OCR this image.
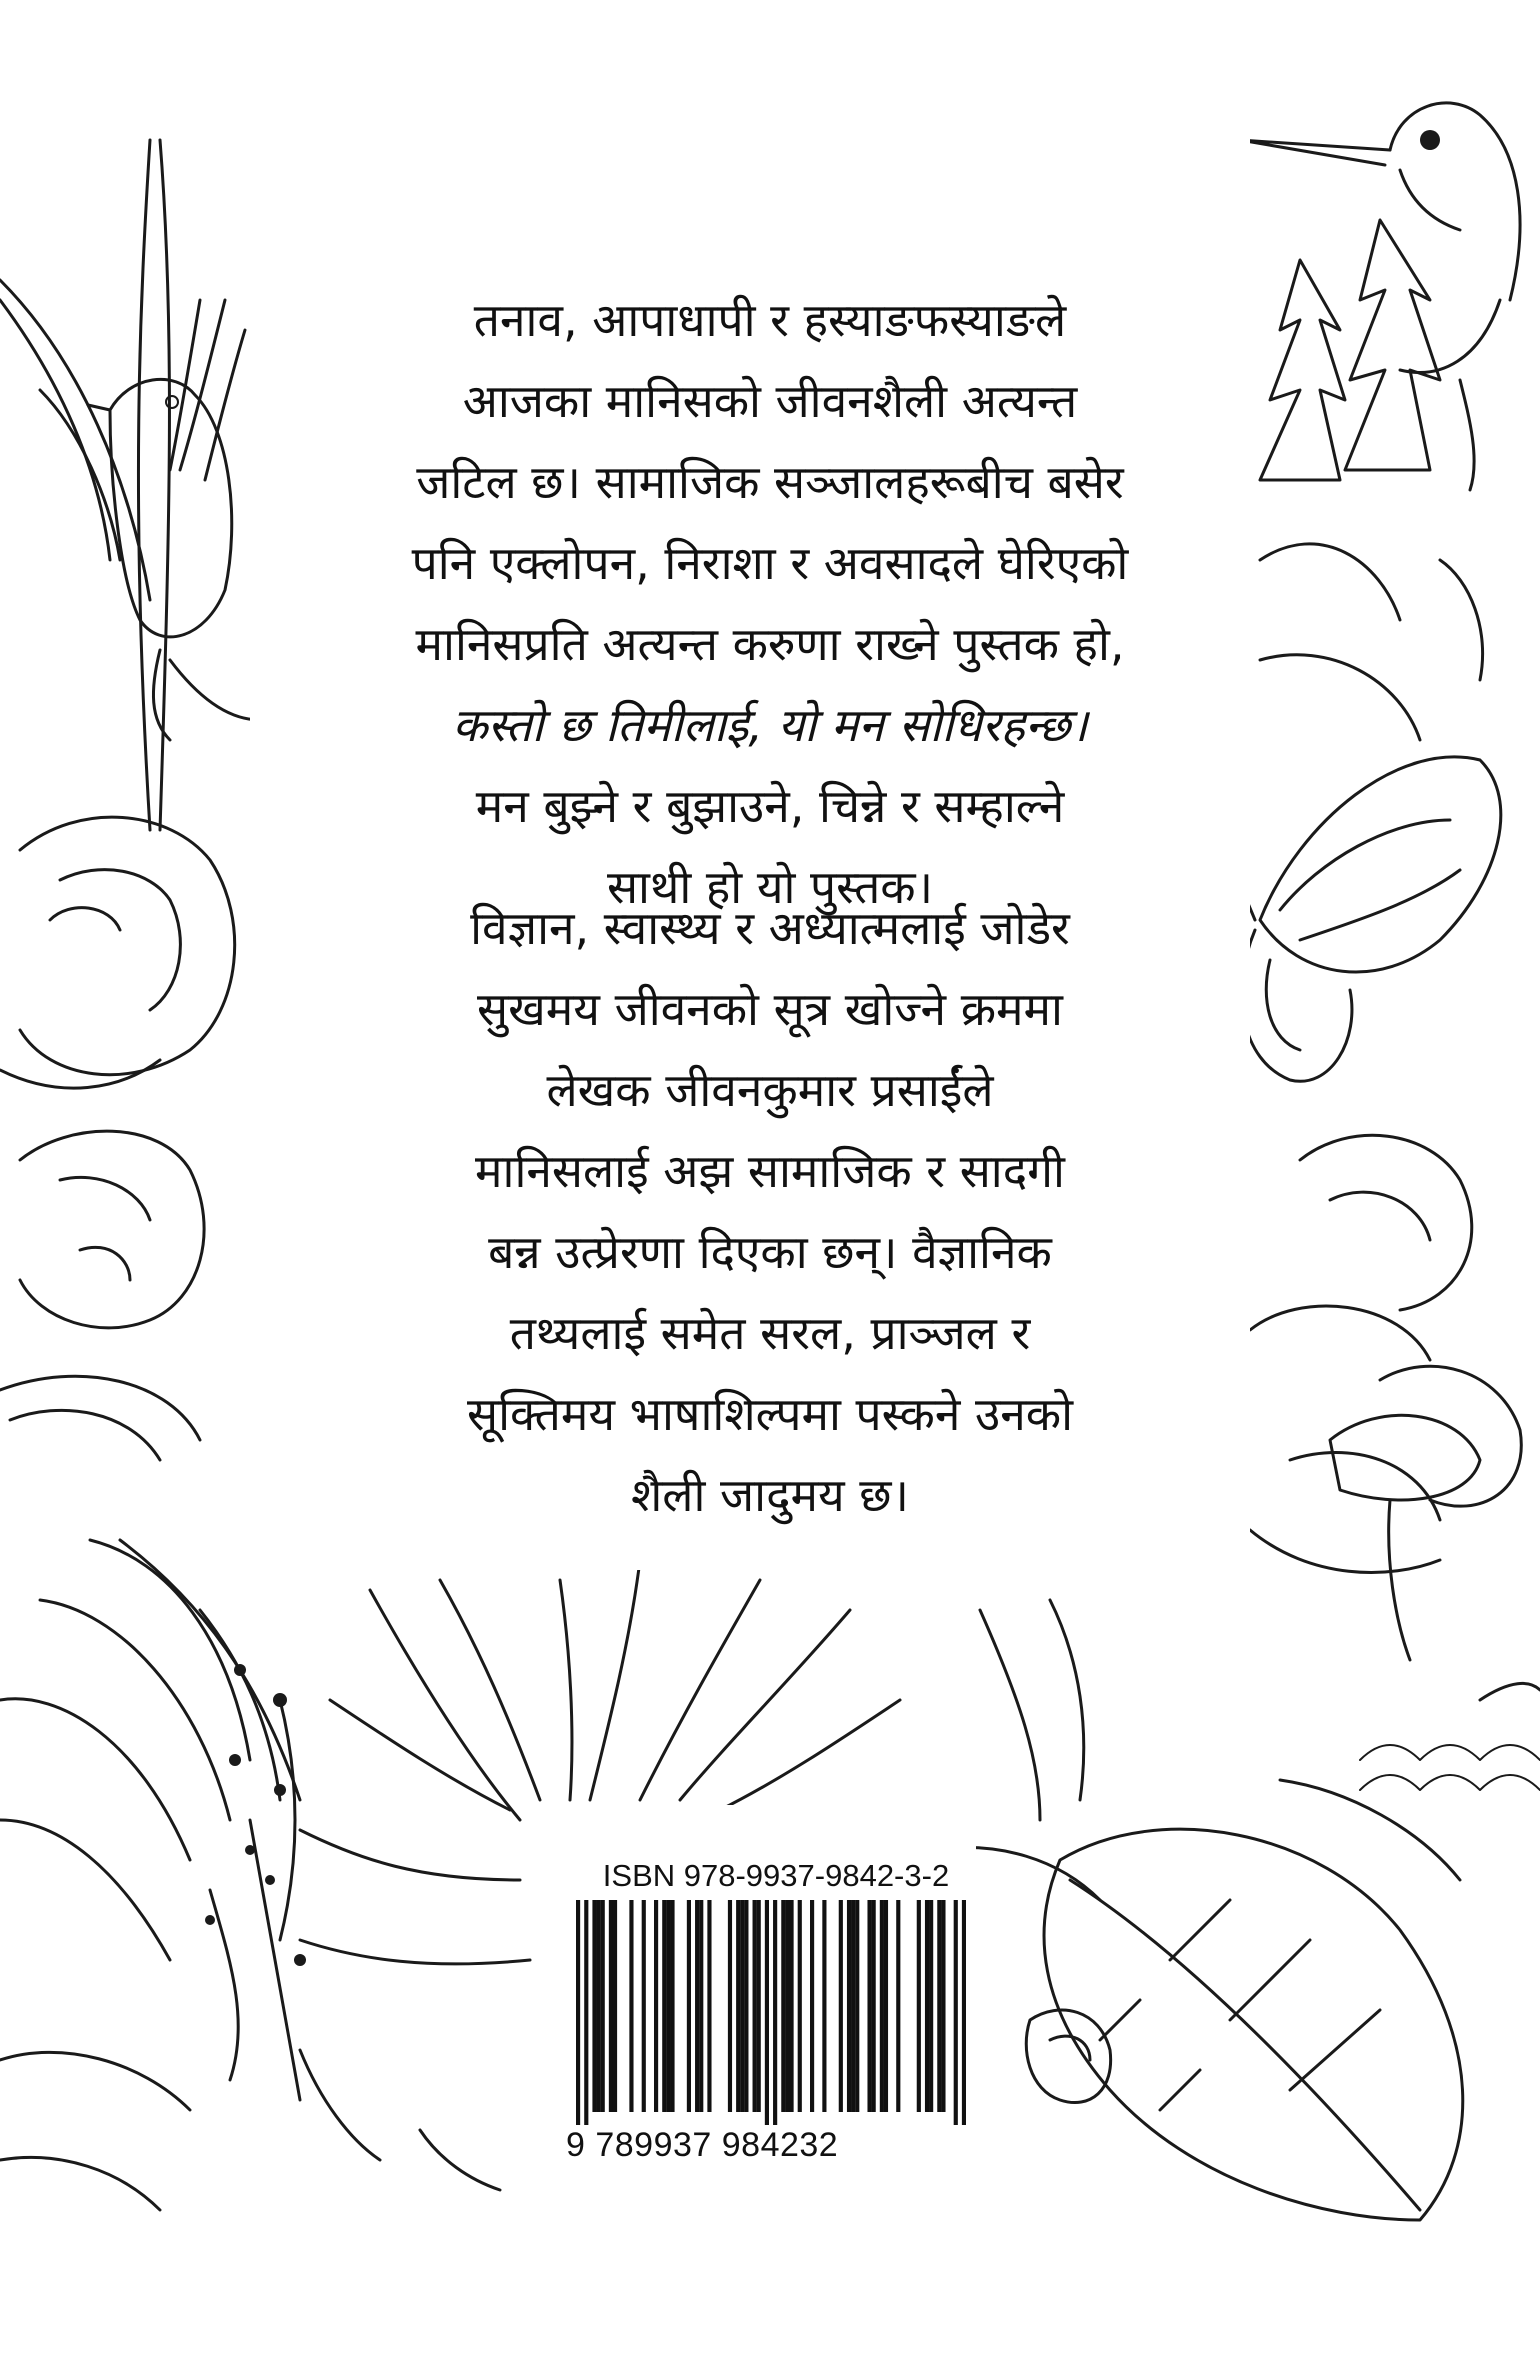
तनाव, आपाधापी र हस्याङफस्याङले
आजका मानिसको जीवनशैली अत्यन्त
जटिल छ। सामाजिक सञ्जालहरूबीच बसेर
पनि एक्लोपन, निराशा र अवसादले घेरिएको
मानिसप्रति अत्यन्त करुणा राख्ने पुस्तक हो,
कस्तो छ तिमीलाई, यो मन सोधिरहन्छ।
मन बुझ्ने र बुझाउने, चिन्ने र सम्हाल्ने
साथी हो यो पुस्तक।
विज्ञान, स्वास्थ्य र अध्यात्मलाई जोडेर
सुखमय जीवनको सूत्र खोज्ने क्रममा
लेखक जीवनकुमार प्रसाईंले
मानिसलाई अझ सामाजिक र सादगी
बन्न उत्प्रेरणा दिएका छन्। वैज्ञानिक
तथ्यलाई समेत सरल, प्राञ्जल र
सूक्तिमय भाषाशिल्पमा पस्कने उनको
शैली जादुमय छ।
ISBN 978-9937-9842-3-2
9 789937 984232
